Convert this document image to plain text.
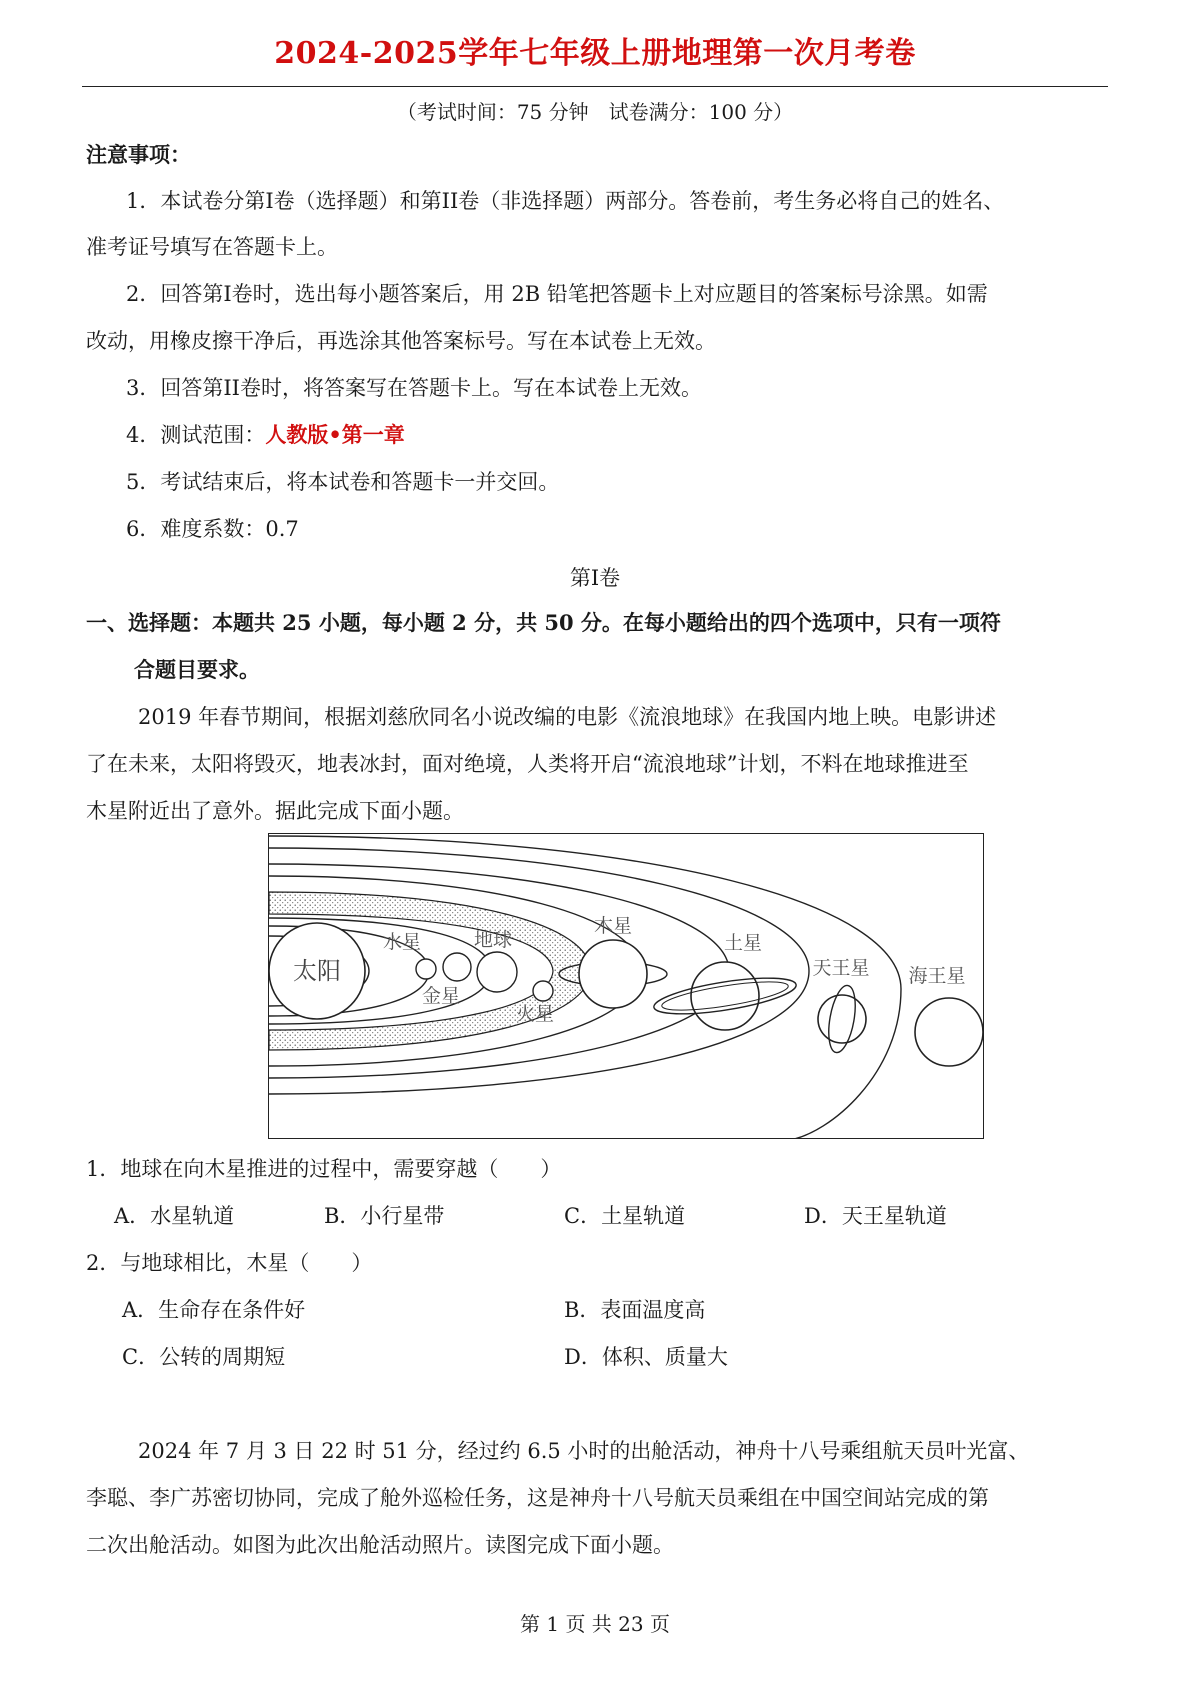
2024-2025学年七年级上册地理第一次月考卷
（考试时间：75 分钟　试卷满分：100 分）
注意事项：
1．本试卷分第I卷（选择题）和第II卷（非选择题）两部分。答卷前，考生务必将自己的姓名、
准考证号填写在答题卡上。
2．回答第I卷时，选出每小题答案后，用 2B 铅笔把答题卡上对应题目的答案标号涂黑。如需
改动，用橡皮擦干净后，再选涂其他答案标号。写在本试卷上无效。
3．回答第II卷时，将答案写在答题卡上。写在本试卷上无效。
4．测试范围：人教版•第一章
5．考试结束后，将本试卷和答题卡一并交回。
6．难度系数：0.7
第I卷
一、选择题：本题共 25 小题，每小题 2 分，共 50 分。在每小题给出的四个选项中，只有一项符
合题目要求。
2019 年春节期间，根据刘慈欣同名小说改编的电影《流浪地球》在我国内地上映。电影讲述
了在未来，太阳将毁灭，地表冰封，面对绝境，人类将开启“流浪地球”计划，不料在地球推进至
木星附近出了意外。据此完成下面小题。
太阳
水星
金星
地球
火星
木星
土星
天王星 海王星
1．地球在向木星推进的过程中，需要穿越（　　）
A．水星轨道	B．小行星带	C．土星轨道	D．天王星轨道
2．与地球相比，木星（　　）
A．生命存在条件好	B．表面温度高
C．公转的周期短	D．体积、质量大
2024 年 7 月 3 日 22 时 51 分，经过约 6.5 小时的出舱活动，神舟十八号乘组航天员叶光富、
李聪、李广苏密切协同，完成了舱外巡检任务，这是神舟十八号航天员乘组在中国空间站完成的第
二次出舱活动。如图为此次出舱活动照片。读图完成下面小题。
第 1 页 共 23 页
